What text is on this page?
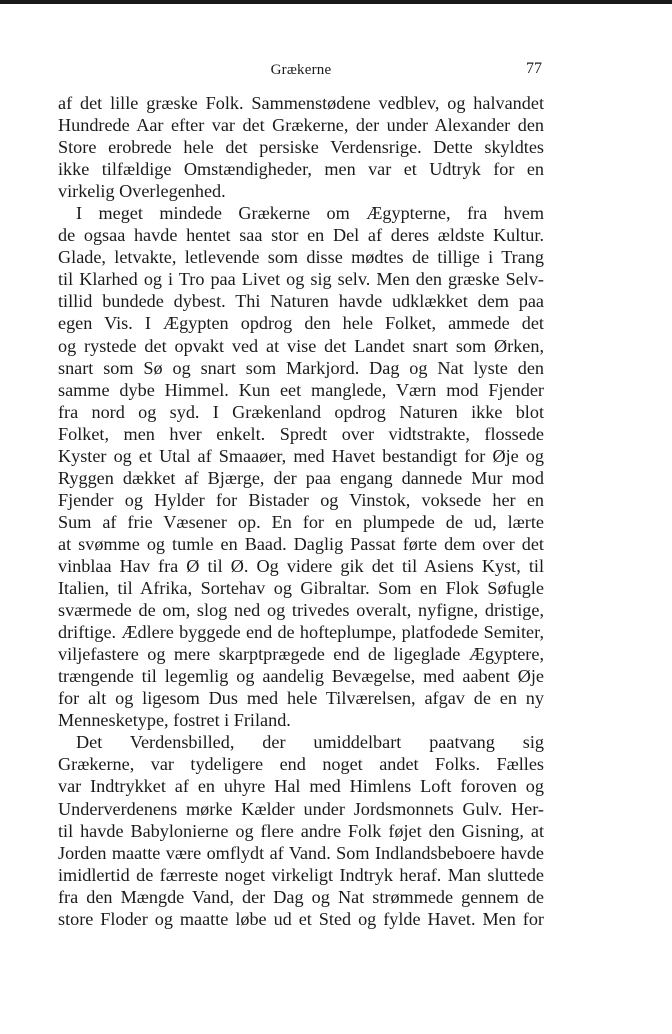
Grækerne	77
af det lille græske Folk. Sammenstødene vedblev, og halvandet
Hundrede Aar efter var det Grækerne, der under Alexander den
Store erobrede hele det persiske Verdensrige. Dette skyldtes
ikke tilfældige Omstændigheder, men var et Udtryk for en
virkelig Overlegenhed.
I meget mindede Grækerne om Ægypterne, fra hvem
de ogsaa havde hentet saa stor en Del af deres ældste Kultur.
Glade, letvakte, letlevende som disse mødtes de tillige i Trang
til Klarhed og i Tro paa Livet og sig selv. Men den græske Selv-
tillid bundede dybest. Thi Naturen havde udklækket dem paa
egen Vis. I Ægypten opdrog den hele Folket, ammede det
og rystede det opvakt ved at vise det Landet snart som Ørken,
snart som Sø og snart som Markjord. Dag og Nat lyste den
samme dybe Himmel. Kun eet manglede, Værn mod Fjender
fra nord og syd. I Grækenland opdrog Naturen ikke blot
Folket, men hver enkelt. Spredt over vidtstrakte, flossede
Kyster og et Utal af Smaaøer, med Havet bestandigt for Øje og
Ryggen dækket af Bjærge, der paa engang dannede Mur mod
Fjender og Hylder for Bistader og Vinstok, voksede her en
Sum af frie Væsener op. En for en plumpede de ud, lærte
at svømme og tumle en Baad. Daglig Passat førte dem over det
vinblaa Hav fra Ø til Ø. Og videre gik det til Asiens Kyst, til
Italien, til Afrika, Sortehav og Gibraltar. Som en Flok Søfugle
sværmede de om, slog ned og trivedes overalt, nyfigne, dristige,
driftige. Ædlere byggede end de hofteplumpe, platfodede Semiter,
viljefastere og mere skarptprægede end de ligeglade Ægyptere,
trængende til legemlig og aandelig Bevægelse, med aabent Øje
for alt og ligesom Dus med hele Tilværelsen, afgav de en ny
Mennesketype, fostret i Friland.
Det Verdensbilled, der umiddelbart paatvang sig
Grækerne, var tydeligere end noget andet Folks. Fælles
var Indtrykket af en uhyre Hal med Himlens Loft foroven og
Underverdenens mørke Kælder under Jordsmonnets Gulv. Her-
til havde Babylonierne og flere andre Folk føjet den Gisning, at
Jorden maatte være omflydt af Vand. Som Indlandsbeboere havde
imidlertid de færreste noget virkeligt Indtryk heraf. Man sluttede
fra den Mængde Vand, der Dag og Nat strømmede gennem de
store Floder og maatte løbe ud et Sted og fylde Havet. Men for
